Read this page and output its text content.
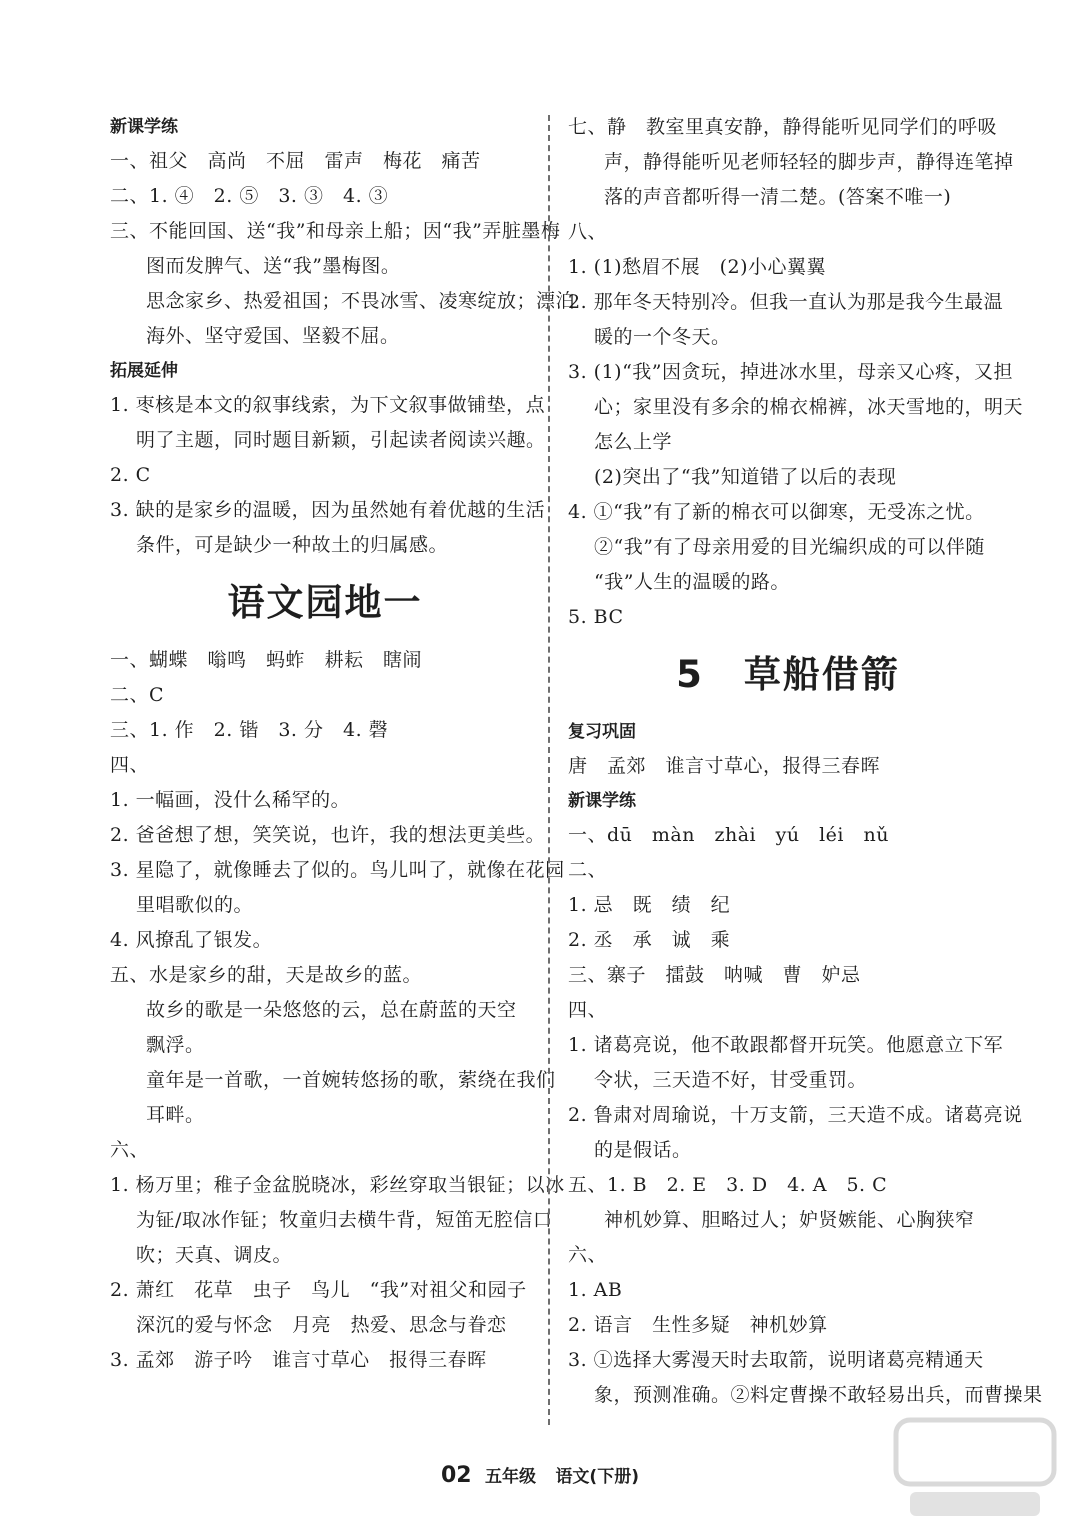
新课学练
一、祖父　高尚　不屈　雷声　梅花　痛苦
二、1. ④　2. ⑤　3. ③　4. ③
三、不能回国、送“我”和母亲上船；因“我”弄脏墨梅
图而发脾气、送“我”墨梅图。
思念家乡、热爱祖国；不畏冰雪、凌寒绽放；漂泊
海外、坚守爱国、坚毅不屈。
拓展延伸
1. 枣核是本文的叙事线索，为下文叙事做铺垫，点
明了主题，同时题目新颖，引起读者阅读兴趣。
2. C
3. 缺的是家乡的温暖，因为虽然她有着优越的生活
条件，可是缺少一种故土的归属感。
语文园地一
一、蝴蝶　嗡鸣　蚂蚱　耕耘　瞎闹
二、C
三、1. 作　2. 锴　3. 分　4. 磬
四、
1. 一幅画，没什么稀罕的。
2. 爸爸想了想，笑笑说，也许，我的想法更美些。
3. 星隐了，就像睡去了似的。鸟儿叫了，就像在花园
里唱歌似的。
4. 风撩乱了银发。
五、水是家乡的甜，天是故乡的蓝。
故乡的歌是一朵悠悠的云，总在蔚蓝的天空
飘浮。
童年是一首歌，一首婉转悠扬的歌，萦绕在我们
耳畔。
六、
1. 杨万里；稚子金盆脱晓冰，彩丝穿取当银钲；以冰
为钲/取冰作钲；牧童归去横牛背，短笛无腔信口
吹；天真、调皮。
2. 萧红　花草　虫子　鸟儿　“我”对祖父和园子
深沉的爱与怀念　月亮　热爱、思念与眷恋
3. 孟郊　游子吟　谁言寸草心　报得三春晖
七、静　教室里真安静，静得能听见同学们的呼吸
声，静得能听见老师轻轻的脚步声，静得连笔掉
落的声音都听得一清二楚。(答案不唯一)
八、
1. (1)愁眉不展　(2)小心翼翼
2. 那年冬天特别冷。但我一直认为那是我今生最温
暖的一个冬天。
3. (1)“我”因贪玩，掉进冰水里，母亲又心疼，又担
心；家里没有多余的棉衣棉裤，冰天雪地的，明天
怎么上学
(2)突出了“我”知道错了以后的表现
4. ①“我”有了新的棉衣可以御寒，无受冻之忧。
②“我”有了母亲用爱的目光编织成的可以伴随
“我”人生的温暖的路。
5. BC
5 草船借箭
复习巩固
唐　孟郊　谁言寸草心，报得三春晖
新课学练
一、dū　màn　zhài　yú　léi　nǔ
二、
1. 忌　既　绩　纪
2. 丞　承　诚　乘
三、寨子　擂鼓　呐喊　曹　妒忌
四、
1. 诸葛亮说，他不敢跟都督开玩笑。他愿意立下军
令状，三天造不好，甘受重罚。
2. 鲁肃对周瑜说，十万支箭，三天造不成。诸葛亮说
的是假话。
五、1. B　2. E　3. D　4. A　5. C
神机妙算、胆略过人；妒贤嫉能、心胸狭窄
六、
1. AB
2. 语言　生性多疑　神机妙算
3. ①选择大雾漫天时去取箭，说明诸葛亮精通天
象，预测准确。②料定曹操不敢轻易出兵，而曹操果
02 五年级 语文(下册)
